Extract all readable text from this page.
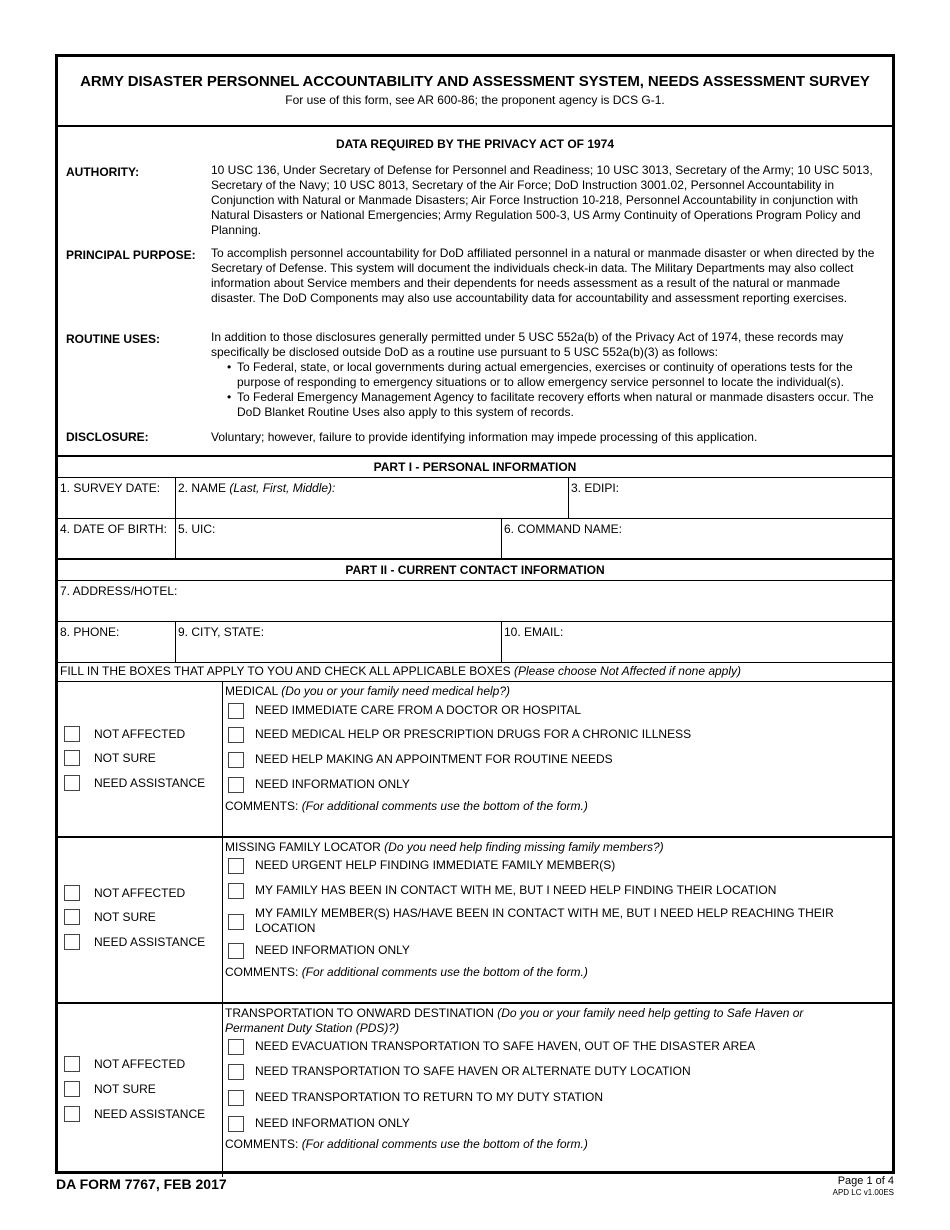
ARMY DISASTER PERSONNEL ACCOUNTABILITY AND ASSESSMENT SYSTEM, NEEDS ASSESSMENT SURVEY
For use of this form, see AR 600-86; the proponent agency is DCS G-1.
DATA REQUIRED BY THE PRIVACY ACT OF 1974
AUTHORITY:	10 USC 136, Under Secretary of Defense for Personnel and Readiness; 10 USC 3013, Secretary of the Army; 10 USC 5013, Secretary of the Navy; 10 USC 8013, Secretary of the Air Force; DoD Instruction 3001.02, Personnel Accountability in Conjunction with Natural or Manmade Disasters; Air Force Instruction 10-218, Personnel Accountability in conjunction with Natural Disasters or National Emergencies; Army Regulation 500-3, US Army Continuity of Operations Program Policy and Planning.
PRINCIPAL PURPOSE: To accomplish personnel accountability for DoD affiliated personnel in a natural or manmade disaster or when directed by the Secretary of Defense. This system will document the individuals check-in data. The Military Departments may also collect information about Service members and their dependents for needs assessment as a result of the natural or manmade disaster. The DoD Components may also use accountability data for accountability and assessment reporting exercises.
ROUTINE USES:	In addition to those disclosures generally permitted under 5 USC 552a(b) of the Privacy Act of 1974, these records may specifically be disclosed outside DoD as a routine use pursuant to 5 USC 552a(b)(3) as follows:
• To Federal, state, or local governments during actual emergencies, exercises or continuity of operations tests for the purpose of responding to emergency situations or to allow emergency service personnel to locate the individual(s).
• To Federal Emergency Management Agency to facilitate recovery efforts when natural or manmade disasters occur. The DoD Blanket Routine Uses also apply to this system of records.
DISCLOSURE:	Voluntary; however, failure to provide identifying information may impede processing of this application.
PART I - PERSONAL INFORMATION
1. SURVEY DATE:	2. NAME (Last, First, Middle):	3. EDIPI:
4. DATE OF BIRTH: 5. UIC:	6. COMMAND NAME:
PART II - CURRENT CONTACT INFORMATION
7. ADDRESS/HOTEL:
8. PHONE:	9. CITY, STATE:	10. EMAIL:
FILL IN THE BOXES THAT APPLY TO YOU AND CHECK ALL APPLICABLE BOXES (Please choose Not Affected if none apply)
NOT AFFECTED
NOT SURE
NEED ASSISTANCE
MEDICAL (Do you or your family need medical help?)
NEED IMMEDIATE CARE FROM A DOCTOR OR HOSPITAL
NEED MEDICAL HELP OR PRESCRIPTION DRUGS FOR A CHRONIC ILLNESS
NEED HELP MAKING AN APPOINTMENT FOR ROUTINE NEEDS
NEED INFORMATION ONLY
COMMENTS: (For additional comments use the bottom of the form.)
NOT AFFECTED
NOT SURE
NEED ASSISTANCE
MISSING FAMILY LOCATOR (Do you need help finding missing family members?)
NEED URGENT HELP FINDING IMMEDIATE FAMILY MEMBER(S)
MY FAMILY HAS BEEN IN CONTACT WITH ME, BUT I NEED HELP FINDING THEIR LOCATION
MY FAMILY MEMBER(S) HAS/HAVE BEEN IN CONTACT WITH ME, BUT I NEED HELP REACHING THEIR LOCATION
NEED INFORMATION ONLY
COMMENTS: (For additional comments use the bottom of the form.)
NOT AFFECTED
NOT SURE
NEED ASSISTANCE
TRANSPORTATION TO ONWARD DESTINATION (Do you or your family need help getting to Safe Haven or Permanent Duty Station (PDS)?)
NEED EVACUATION TRANSPORTATION TO SAFE HAVEN, OUT OF THE DISASTER AREA
NEED TRANSPORTATION TO SAFE HAVEN OR ALTERNATE DUTY LOCATION
NEED TRANSPORTATION TO RETURN TO MY DUTY STATION
NEED INFORMATION ONLY
COMMENTS: (For additional comments use the bottom of the form.)
DA FORM 7767, FEB 2017	Page 1 of 4
APD LC v1.00ES
